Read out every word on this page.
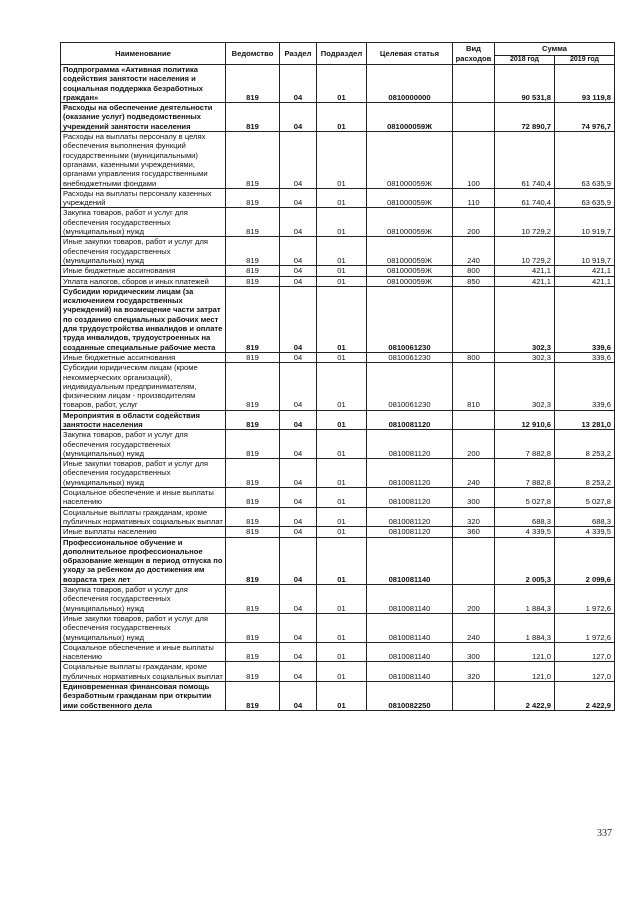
Наименование	Ведомство	Раздел	Подраздел	Целевая статья	Вид расходов	Сумма	
						2018 год	2019 год
Подпрограмма «Активная политика содействия занятости населения и социальная поддержка безработных граждан»	819	04	01	0810000000		90 531,8	93 119,8
Расходы на обеспечение деятельности (оказание услуг) подведомственных учреждений занятости населения	819	04	01	081000059Ж		72 890,7	74 976,7
Расходы на выплаты персоналу в целях обеспечения выполнения функций государственными (муниципальными) органами, казенными учреждениями, органами управления государственными внебюджетными фондами	819	04	01	081000059Ж	100	61 740,4	63 635,9
Расходы на выплаты персоналу казенных учреждений	819	04	01	081000059Ж	110	61 740,4	63 635,9
Закупка товаров, работ и услуг для обеспечения государственных (муниципальных) нужд	819	04	01	081000059Ж	200	10 729,2	10 919,7
Иные закупки товаров, работ и услуг для обеспечения государственных (муниципальных) нужд	819	04	01	081000059Ж	240	10 729,2	10 919,7
Иные бюджетные ассигнования	819	04	01	081000059Ж	800	421,1	421,1
Уплата налогов, сборов и иных платежей	819	04	01	081000059Ж	850	421,1	421,1
Субсидии юридическим лицам (за исключением государственных учреждений) на возмещение части затрат по созданию специальных рабочих мест для трудоустройства инвалидов и оплате труда инвалидов, трудоустроенных на созданные специальные рабочие места	819	04	01	0810061230		302,3	339,6
Иные бюджетные ассигнования	819	04	01	0810061230	800	302,3	339,6
Субсидии юридическим лицам (кроме некоммерческих организаций), индивидуальным предпринимателям, физическим лицам - производителям товаров, работ, услуг	819	04	01	0810061230	810	302,3	339,6
Мероприятия в области содействия занятости населения	819	04	01	0810081120		12 910,6	13 281,0
Закупка товаров, работ и услуг для обеспечения государственных (муниципальных) нужд	819	04	01	0810081120	200	7 882,8	8 253,2
Иные закупки товаров, работ и услуг для обеспечения государственных (муниципальных) нужд	819	04	01	0810081120	240	7 882,8	8 253,2
Социальное обеспечение и иные выплаты населению	819	04	01	0810081120	300	5 027,8	5 027,8
Социальные выплаты гражданам, кроме публичных нормативных социальных выплат	819	04	01	0810081120	320	688,3	688,3
Иные выплаты населению	819	04	01	0810081120	360	4 339,5	4 339,5
Профессиональное обучение и дополнительное профессиональное образование женщин в период отпуска по уходу за ребенком до достижения им возраста трех лет	819	04	01	0810081140		2 005,3	2 099,6
Закупка товаров, работ и услуг для обеспечения государственных (муниципальных) нужд	819	04	01	0810081140	200	1 884,3	1 972,6
Иные закупки товаров, работ и услуг для обеспечения государственных (муниципальных) нужд	819	04	01	0810081140	240	1 884,3	1 972,6
Социальное обеспечение и иные выплаты населению	819	04	01	0810081140	300	121,0	127,0
Социальные выплаты гражданам, кроме публичных нормативных социальных выплат	819	04	01	0810081140	320	121,0	127,0
Единовременная финансовая помощь безработным гражданам при открытии ими собственного дела	819	04	01	0810082250		2 422,9	2 422,9
337
